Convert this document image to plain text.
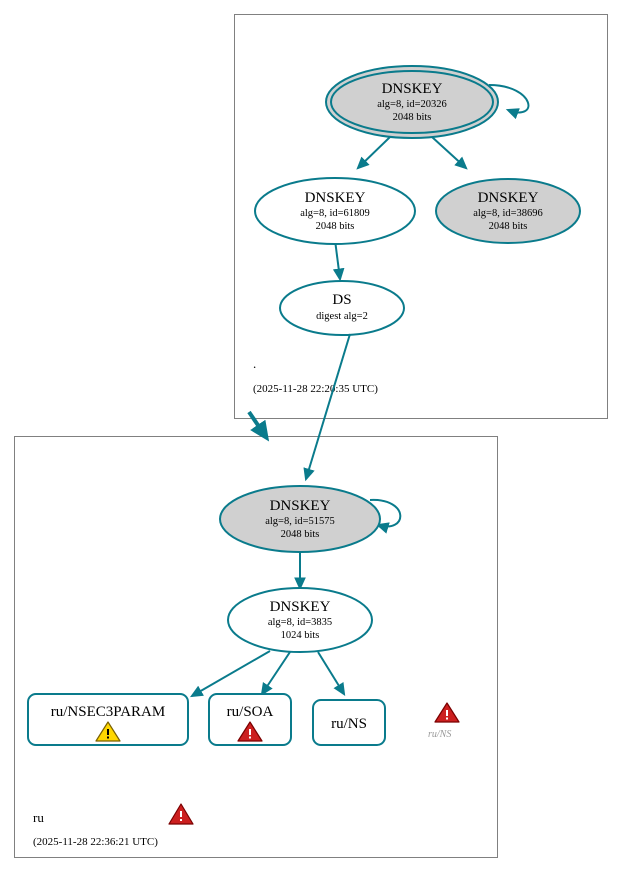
.
(2025-11-28 22:20:35 UTC)
DNSKEY
alg=8, id=20326
2048 bits
DNSKEY
alg=8, id=61809
2048 bits
DNSKEY
alg=8, id=38696
2048 bits
DS
digest alg=2
DNSKEY
alg=8, id=51575
2048 bits
DNSKEY
alg=8, id=3835
1024 bits
ru/NSEC3PARAM	ru/SOA
ru/NS
ru/NS
ru
(2025-11-28 22:36:21 UTC)
